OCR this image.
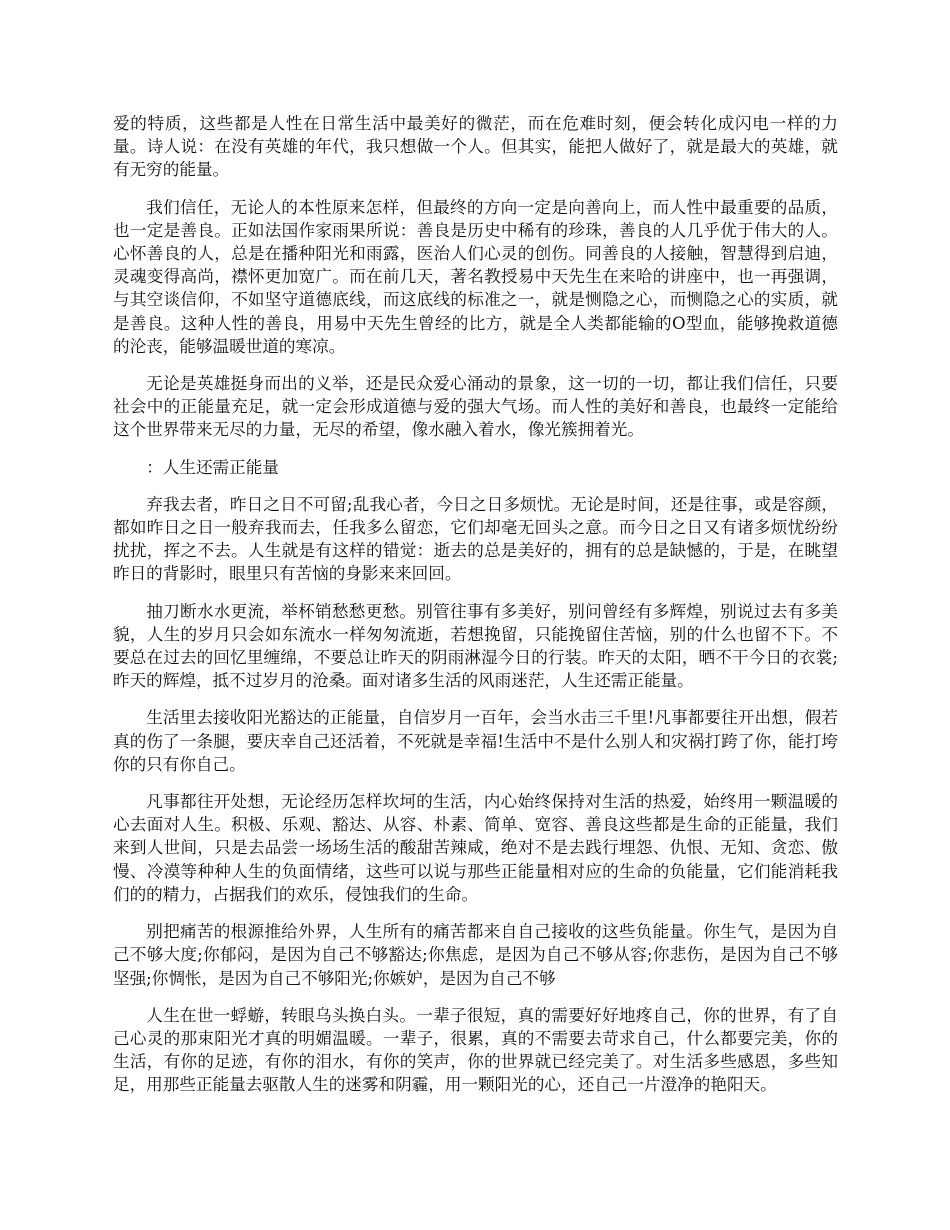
爱的特质，这些都是人性在日常生活中最美好的微茫，而在危难时刻，便会转化成闪电一样的力量。诗人说：在没有英雄的年代，我只想做一个人。但其实，能把人做好了，就是最大的英雄，就有无穷的能量。

我们信任，无论人的本性原来怎样，但最终的方向一定是向善向上，而人性中最重要的品质，也一定是善良。正如法国作家雨果所说：善良是历史中稀有的珍珠，善良的人几乎优于伟大的人。心怀善良的人，总是在播种阳光和雨露，医治人们心灵的创伤。同善良的人接触，智慧得到启迪，灵魂变得高尚，襟怀更加宽广。而在前几天，著名教授易中天先生在来哈的讲座中，也一再强调，与其空谈信仰，不如坚守道德底线，而这底线的标准之一，就是恻隐之心，而恻隐之心的实质，就是善良。这种人性的善良，用易中天先生曾经的比方，就是全人类都能输的O型血，能够挽救道德的沦丧，能够温暖世道的寒凉。

无论是英雄挺身而出的义举，还是民众爱心涌动的景象，这一切的一切，都让我们信任，只要社会中的正能量充足，就一定会形成道德与爱的强大气场。而人性的美好和善良，也最终一定能给这个世界带来无尽的力量，无尽的希望，像水融入着水，像光簇拥着光。

：人生还需正能量

弃我去者，昨日之日不可留;乱我心者，今日之日多烦忧。无论是时间，还是往事，或是容颜，都如昨日之日一般弃我而去，任我多么留恋，它们却毫无回头之意。而今日之日又有诸多烦忧纷纷扰扰，挥之不去。人生就是有这样的错觉：逝去的总是美好的，拥有的总是缺憾的，于是，在眺望昨日的背影时，眼里只有苦恼的身影来来回回。

抽刀断水水更流，举杯销愁愁更愁。别管往事有多美好，别问曾经有多辉煌，别说过去有多美貌，人生的岁月只会如东流水一样匆匆流逝，若想挽留，只能挽留住苦恼，别的什么也留不下。不要总在过去的回忆里缠绵，不要总让昨天的阴雨淋湿今日的行装。昨天的太阳，晒不干今日的衣裳;昨天的辉煌，抵不过岁月的沧桑。面对诸多生活的风雨迷茫，人生还需正能量。

生活里去接收阳光豁达的正能量，自信岁月一百年，会当水击三千里!凡事都要往开出想，假若真的伤了一条腿，要庆幸自己还活着，不死就是幸福!生活中不是什么别人和灾祸打跨了你，能打垮你的只有你自己。

凡事都往开处想，无论经历怎样坎坷的生活，内心始终保持对生活的热爱，始终用一颗温暖的心去面对人生。积极、乐观、豁达、从容、朴素、简单、宽容、善良这些都是生命的正能量，我们来到人世间，只是去品尝一场场生活的酸甜苦辣咸，绝对不是去践行埋怨、仇恨、无知、贪恋、傲慢、冷漠等种种人生的负面情绪，这些可以说与那些正能量相对应的生命的负能量，它们能消耗我们的的精力，占据我们的欢乐，侵蚀我们的生命。

别把痛苦的根源推给外界，人生所有的痛苦都来自自己接收的这些负能量。你生气，是因为自己不够大度;你郁闷，是因为自己不够豁达;你焦虑，是因为自己不够从容;你悲伤，是因为自己不够坚强;你惆怅，是因为自己不够阳光;你嫉妒，是因为自己不够

人生在世一蜉蝣，转眼乌头换白头。一辈子很短，真的需要好好地疼自己，你的世界，有了自己心灵的那束阳光才真的明媚温暖。一辈子，很累，真的不需要去苛求自己，什么都要完美，你的生活，有你的足迹，有你的泪水，有你的笑声，你的世界就已经完美了。对生活多些感恩，多些知足，用那些正能量去驱散人生的迷雾和阴霾，用一颗阳光的心，还自己一片澄净的艳阳天。
